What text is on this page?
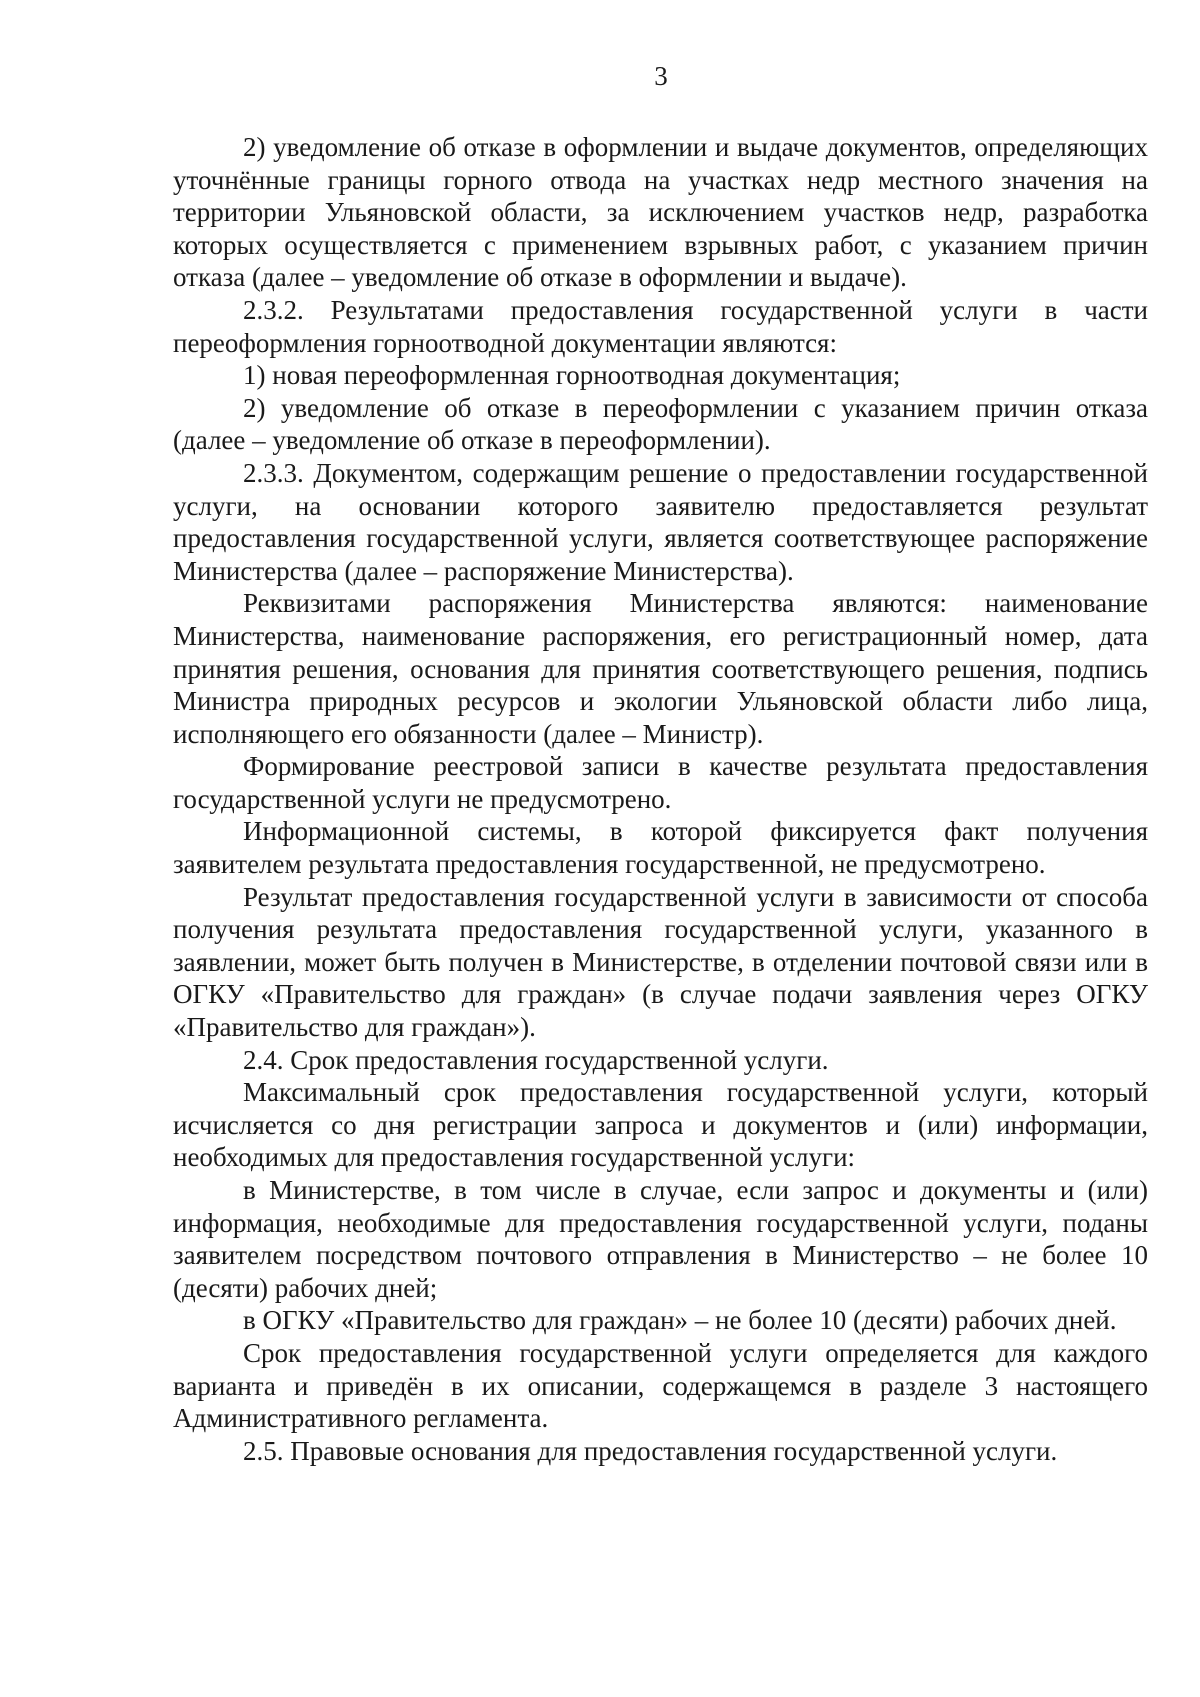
3

2) уведомление об отказе в оформлении и выдаче документов, определяющих уточнённые границы горного отвода на участках недр местного значения на территории Ульяновской области, за исключением участков недр, разработка которых осуществляется с применением взрывных работ, с указанием причин отказа (далее – уведомление об отказе в оформлении и выдаче).

2.3.2. Результатами предоставления государственной услуги в части переоформления горноотводной документации являются:

1) новая переоформленная горноотводная документация;

2) уведомление об отказе в переоформлении с указанием причин отказа (далее – уведомление об отказе в переоформлении).

2.3.3. Документом, содержащим решение о предоставлении государственной услуги, на основании которого заявителю предоставляется результат предоставления государственной услуги, является соответствующее распоряжение Министерства (далее – распоряжение Министерства).

Реквизитами распоряжения Министерства являются: наименование Министерства, наименование распоряжения, его регистрационный номер, дата принятия решения, основания для принятия соответствующего решения, подпись Министра природных ресурсов и экологии Ульяновской области либо лица, исполняющего его обязанности (далее – Министр).

Формирование реестровой записи в качестве результата предоставления государственной услуги не предусмотрено.

Информационной системы, в которой фиксируется факт получения заявителем результата предоставления государственной, не предусмотрено.

Результат предоставления государственной услуги в зависимости от способа получения результата предоставления государственной услуги, указанного в заявлении, может быть получен в Министерстве, в отделении почтовой связи или в ОГКУ «Правительство для граждан» (в случае подачи заявления через ОГКУ «Правительство для граждан»).

2.4. Срок предоставления государственной услуги.

Максимальный срок предоставления государственной услуги, который исчисляется со дня регистрации запроса и документов и (или) информации, необходимых для предоставления государственной услуги:

в Министерстве, в том числе в случае, если запрос и документы и (или) информация, необходимые для предоставления государственной услуги, поданы заявителем посредством почтового отправления в Министерство – не более 10 (десяти) рабочих дней;

в ОГКУ «Правительство для граждан» – не более 10 (десяти) рабочих дней.

Срок предоставления государственной услуги определяется для каждого варианта и приведён в их описании, содержащемся в разделе 3 настоящего Административного регламента.

2.5. Правовые основания для предоставления государственной услуги.
